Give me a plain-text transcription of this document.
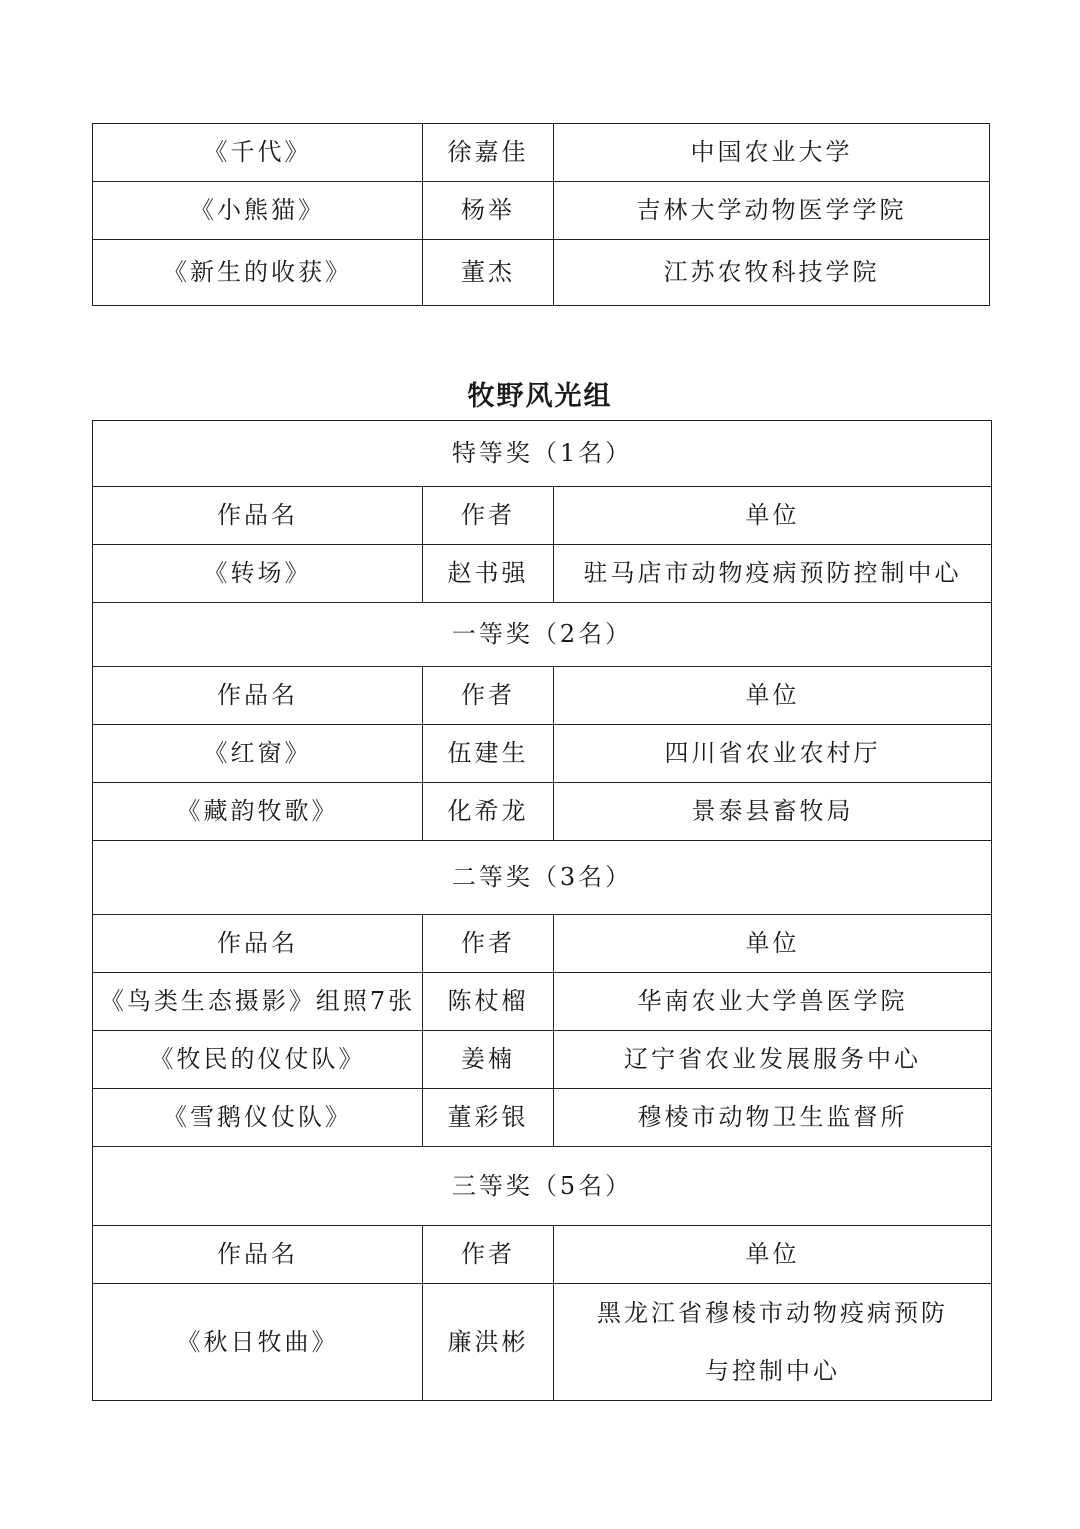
《千代》	徐嘉佳	中国农业大学
《小熊猫》	杨举	吉林大学动物医学学院
《新生的收获》	董杰	江苏农牧科技学院
牧野风光组
特等奖（1名）		
作品名	作者	单位
《转场》	赵书强	驻马店市动物疫病预防控制中心
一等奖（2名）		
作品名	作者	单位
《红窗》	伍建生	四川省农业农村厅
《藏韵牧歌》	化希龙	景泰县畜牧局
二等奖（3名）		
作品名	作者	单位
《鸟类生态摄影》组照7张	陈杖榴	华南农业大学兽医学院
《牧民的仪仗队》	姜楠	辽宁省农业发展服务中心
《雪鹅仪仗队》	董彩银	穆棱市动物卫生监督所
三等奖（5名）		
作品名	作者	单位
《秋日牧曲》	廉洪彬	黑龙江省穆棱市动物疫病预防
与控制中心
